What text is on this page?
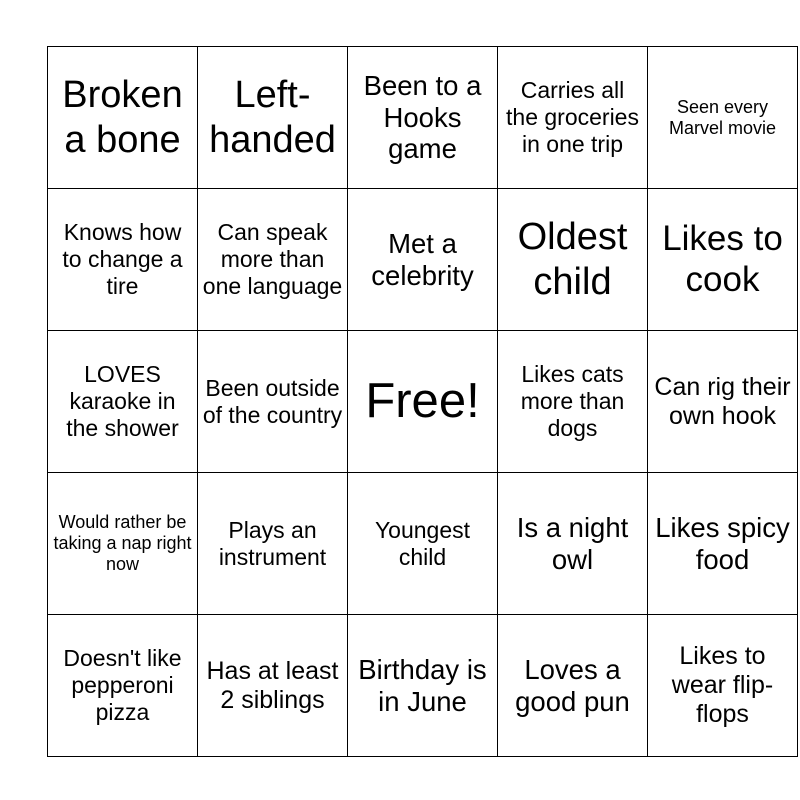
Broken a bone	Left-handed	Been to a Hooks game	Carries all the groceries in one trip	Seen every Marvel movie
Knows how to change a tire	Can speak more than one language	Met a celebrity	Oldest child	Likes to cook
LOVES karaoke in the shower	Been outside of the country	Free!	Likes cats more than dogs	Can rig their own hook
Would rather be taking a nap right now	Plays an instrument	Youngest child	Is a night owl	Likes spicy food
Doesn't like pepperoni pizza	Has at least 2 siblings	Birthday is in June	Loves a good pun	Likes to wear flip-flops
